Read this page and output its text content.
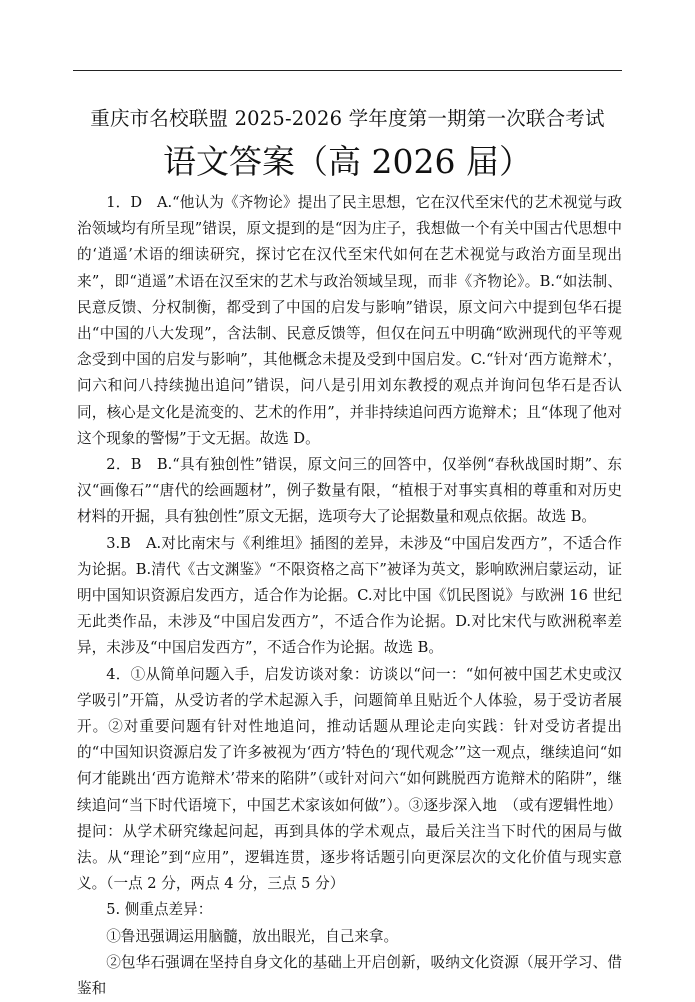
重庆市名校联盟 2025-2026 学年度第一期第一次联合考试
语文答案（高 2026 届）

1．D　A.“他认为《齐物论》提出了民主思想，它在汉代至宋代的艺术视觉与政治领域均有所呈现”错误，原文提到的是“因为庄子，我想做一个有关中国古代思想中的‘逍遥’术语的细读研究，探讨它在汉代至宋代如何在艺术视觉与政治方面呈现出来”，即“逍遥”术语在汉至宋的艺术与政治领域呈现，而非《齐物论》。B.“如法制、民意反馈、分权制衡，都受到了中国的启发与影响”错误，原文问六中提到包华石提出“中国的八大发现”，含法制、民意反馈等，但仅在问五中明确“欧洲现代的平等观念受到中国的启发与影响”，其他概念未提及受到中国启发。C.“针对‘西方诡辩术’，问六和问八持续抛出追问”错误，问八是引用刘东教授的观点并询问包华石是否认同，核心是文化是流变的、艺术的作用”，并非持续追问西方诡辩术；且“体现了他对这个现象的警惕”于文无据。故选 D。

2．B　B.“具有独创性”错误，原文问三的回答中，仅举例“春秋战国时期”、东汉“画像石”“唐代的绘画题材”，例子数量有限，“植根于对事实真相的尊重和对历史材料的开掘，具有独创性”原文无据，选项夸大了论据数量和观点依据。故选 B。

3.B　A.对比南宋与《利维坦》插图的差异，未涉及“中国启发西方”，不适合作为论据。B.清代《古文渊鉴》“不限资格之高下”被译为英文，影响欧洲启蒙运动，证明中国知识资源启发西方，适合作为论据。C.对比中国《饥民图说》与欧洲 16 世纪无此类作品，未涉及“中国启发西方”，不适合作为论据。D.对比宋代与欧洲税率差异，未涉及“中国启发西方”，不适合作为论据。故选 B。

4．①从简单问题入手，启发访谈对象：访谈以“问一：“如何被中国艺术史或汉学吸引”开篇，从受访者的学术起源入手，问题简单且贴近个人体验，易于受访者展开。②对重要问题有针对性地追问，推动话题从理论走向实践：针对受访者提出的“中国知识资源启发了许多被视为‘西方’特色的‘现代观念’”这一观点，继续追问“如何才能跳出‘西方诡辩术’带来的陷阱”（或针对问六“如何跳脱西方诡辩术的陷阱”，继续追问“当下时代语境下，中国艺术家该如何做”）。③逐步深入地　（或有逻辑性地）提问：从学术研究缘起问起，再到具体的学术观点，最后关注当下时代的困局与做法。从“理论”到“应用”，逻辑连贯，逐步将话题引向更深层次的文化价值与现实意义。（一点 2 分，两点 4 分，三点 5 分）

5. 侧重点差异：

①鲁迅强调运用脑髓，放出眼光，自己来拿。

②包华石强调在坚持自身文化的基础上开启创新，吸纳文化资源（展开学习、借鉴和
